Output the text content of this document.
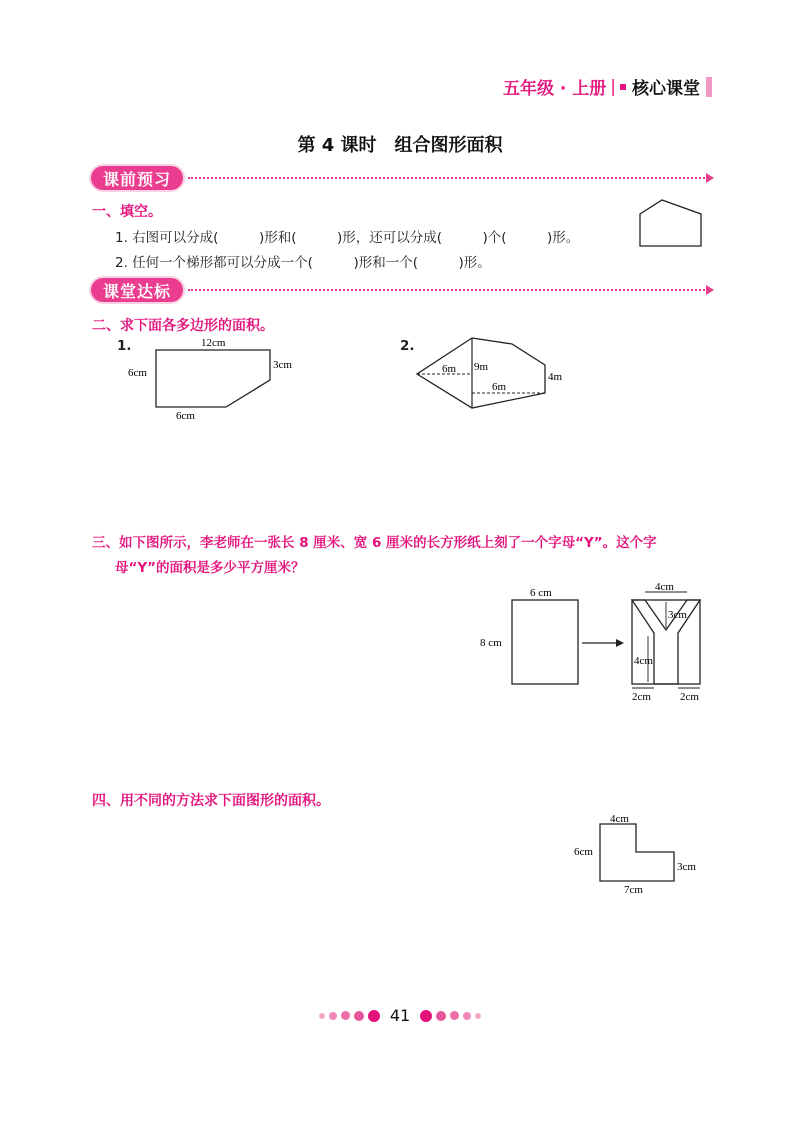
五年级 · 上册 | 核心课堂
第 4 课时　组合图形面积
课前预习
一、填空。
1. 右图可以分成(　　　)形和(　　　)形，还可以分成(　　　)个(　　　)形。
2. 任何一个梯形都可以分成一个(　　　)形和一个(　　　)形。
课堂达标
二、求下面各多边形的面积。
1.	12cm
6cm
3cm
6cm
2.
9m
6m
6m
4m
三、如下图所示，李老师在一张长 8 厘米、宽 6 厘米的长方形纸上刻了一个字母“Y”。这个字
母“Y”的面积是多少平方厘米？
6 cm
8 cm
4cm
3cm
4cm
2cm	2cm
四、用不同的方法求下面图形的面积。
4cm
6cm
3cm
7cm
41
